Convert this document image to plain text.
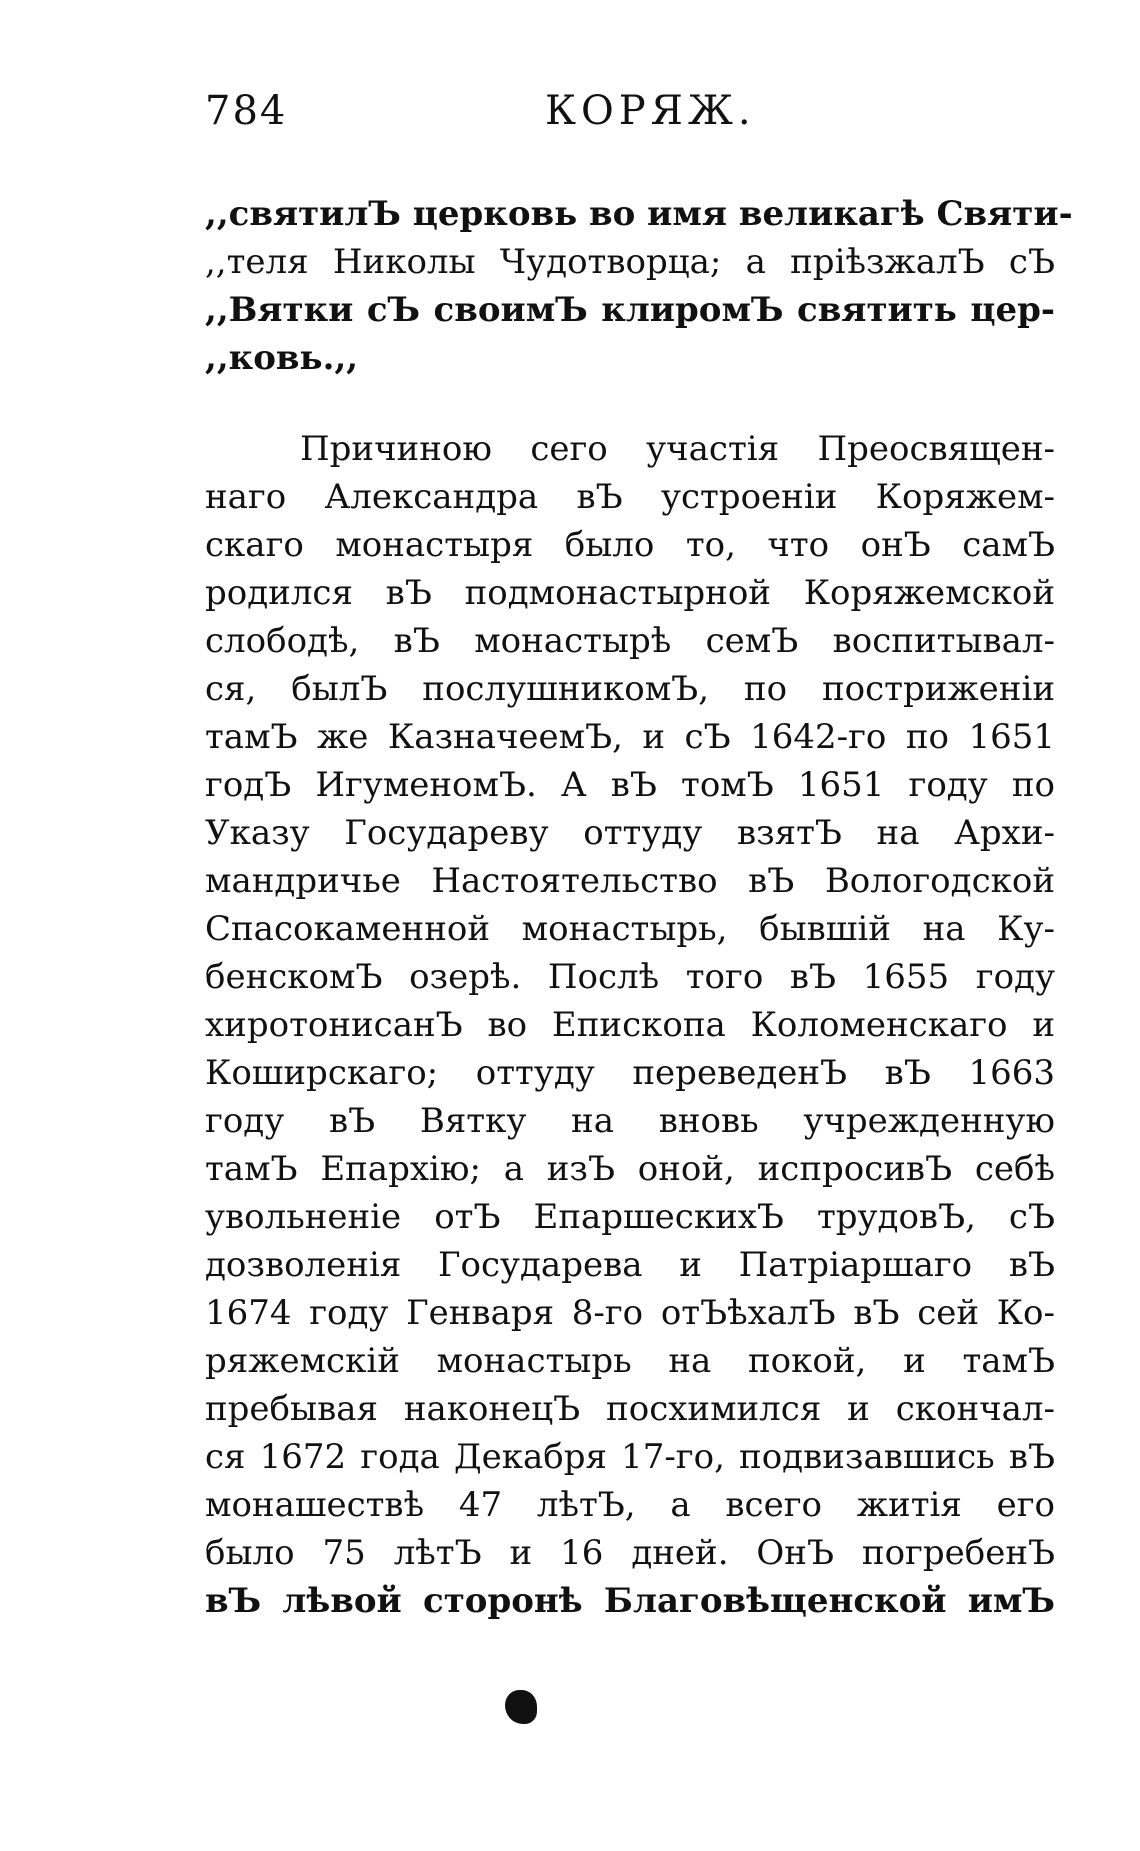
784	КОРЯЖ.
,,святилЪ церковь во имя великагѣ Святи-
,,теля Николы Чудотворца; а пріѣзжалЪ сЪ
,,Вятки сЪ своимЪ клиромЪ святить цер-
,,ковь.,,
Причиною сего участія Преосвящен-
наго Александра вЪ устроеніи Коряжем-
скаго монастыря было то, что онЪ самЪ
родился вЪ подмонастырной Коряжемской
слободѣ, вЪ монастырѣ семЪ воспитывал-
ся, былЪ послушникомЪ, по постриженіи
тамЪ же КазначеемЪ, и сЪ 1642-го по 1651
годЪ ИгуменомЪ. А вЪ томЪ 1651 году по
Указу Государеву оттуду взятЪ на Архи-
мандричье Настоятельство вЪ Вологодской
Спасокаменной монастырь, бывшій на Ку-
бенскомЪ озерѣ. Послѣ того вЪ 1655 году
хиротонисанЪ во Епископа Коломенскаго и
Коширскаго; оттуду переведенЪ вЪ 1663
году вЪ Вятку на вновь учрежденную
тамЪ Епархію; а изЪ оной, испросивЪ себѣ
увольненіе отЪ ЕпаршескихЪ трудовЪ, сЪ
дозволенія Государева и Патріаршаго вЪ
1674 году Генваря 8-го отЪѣхалЪ вЪ сей Ко-
ряжемскій монастырь на покой, и тамЪ
пребывая наконецЪ посхимился и скончал-
ся 1672 года Декабря 17-го, подвизавшись вЪ
монашествѣ 47 лѣтЪ, а всего житія его
было 75 лѣтЪ и 16 дней. ОнЪ погребенЪ
вЪ лѣвой сторонѣ Благовѣщенской имЪ
